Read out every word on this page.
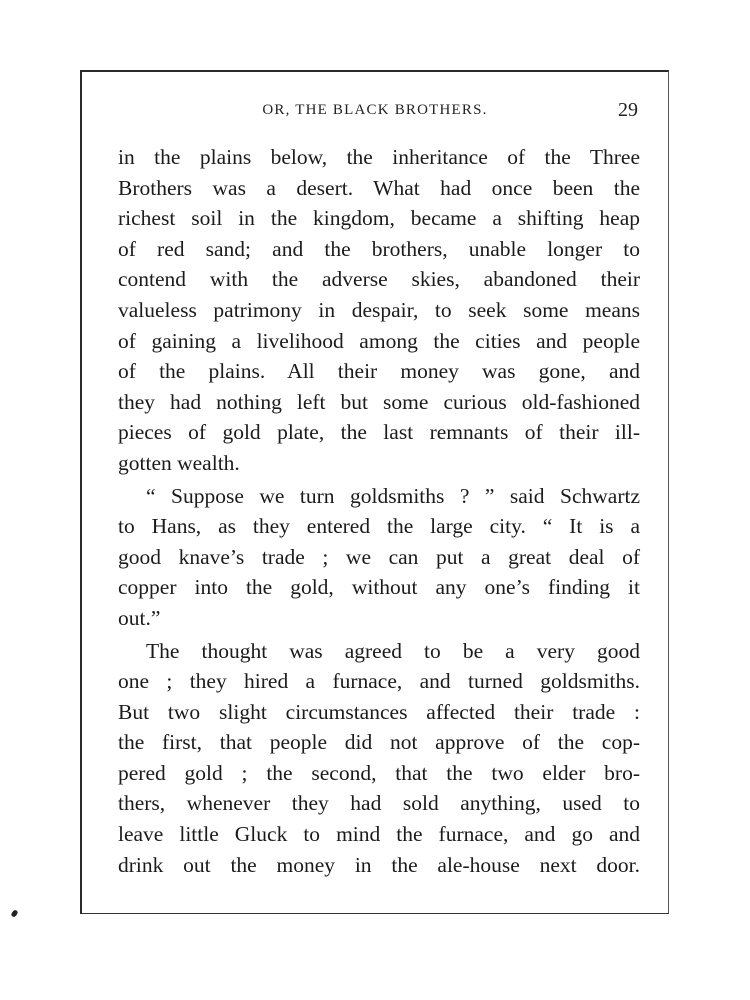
OR, THE BLACK BROTHERS.	29
in the plains below, the inheritance of the Three
Brothers was a desert. What had once been the
richest soil in the kingdom, became a shifting heap
of red sand; and the brothers, unable longer to
contend with the adverse skies, abandoned their
valueless patrimony in despair, to seek some means
of gaining a livelihood among the cities and people
of the plains. All their money was gone, and
they had nothing left but some curious old-fashioned
pieces of gold plate, the last remnants of their ill-
gotten wealth.
“ Suppose we turn goldsmiths ? ” said Schwartz
to Hans, as they entered the large city. “ It is a
good knave’s trade ; we can put a great deal of
copper into the gold, without any one’s finding it
out.”
The thought was agreed to be a very good
one ; they hired a furnace, and turned goldsmiths.
But two slight circumstances affected their trade :
the first, that people did not approve of the cop-
pered gold ; the second, that the two elder bro-
thers, whenever they had sold anything, used to
leave little Gluck to mind the furnace, and go and
drink out the money in the ale-house next door.
